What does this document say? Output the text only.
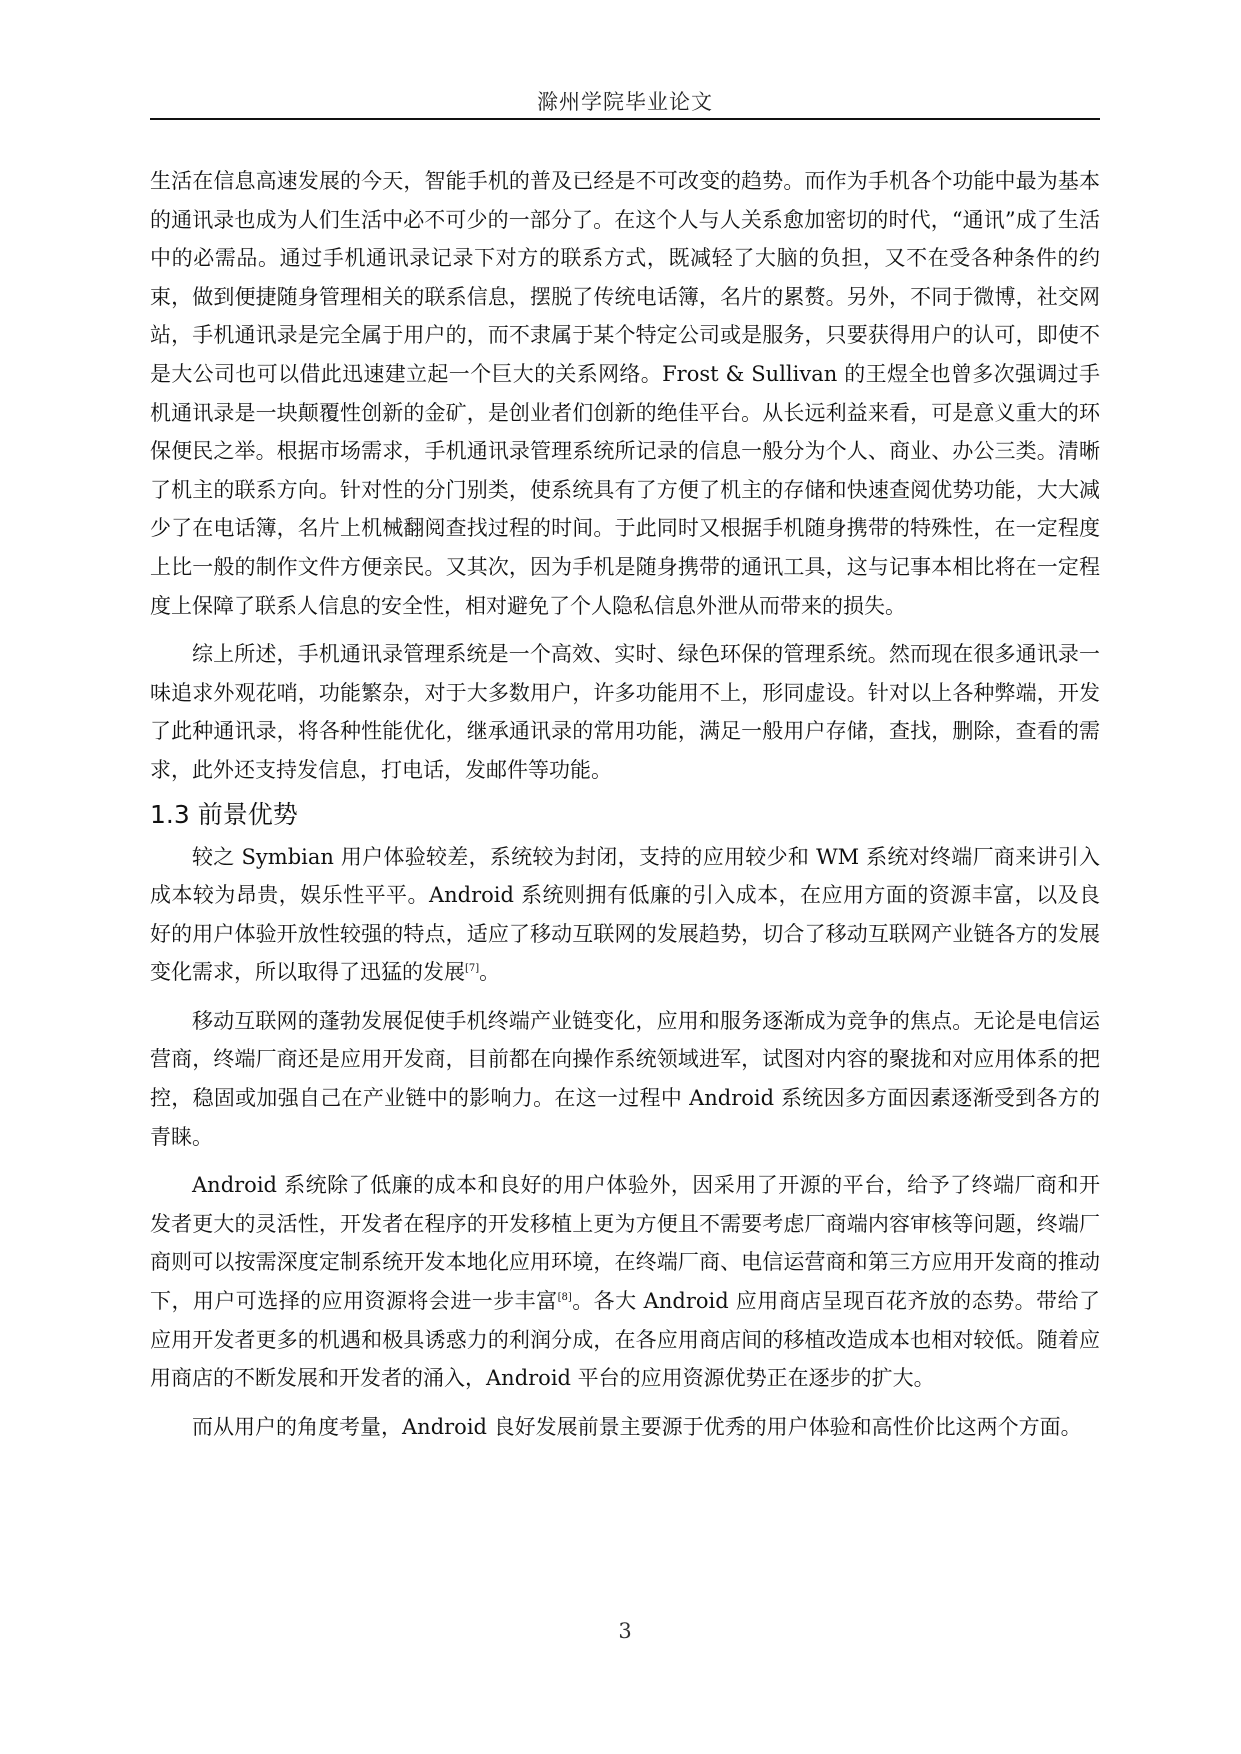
滁州学院毕业论文

生活在信息高速发展的今天，智能手机的普及已经是不可改变的趋势。而作为手机各个功能中最为基本的通讯录也成为人们生活中必不可少的一部分了。在这个人与人关系愈加密切的时代，“通讯”成了生活中的必需品。通过手机通讯录记录下对方的联系方式，既减轻了大脑的负担，又不在受各种条件的约束，做到便捷随身管理相关的联系信息，摆脱了传统电话簿，名片的累赘。另外，不同于微博，社交网站，手机通讯录是完全属于用户的，而不隶属于某个特定公司或是服务，只要获得用户的认可，即使不是大公司也可以借此迅速建立起一个巨大的关系网络。Frost & Sullivan 的王煜全也曾多次强调过手机通讯录是一块颠覆性创新的金矿，是创业者们创新的绝佳平台。从长远利益来看，可是意义重大的环保便民之举。根据市场需求，手机通讯录管理系统所记录的信息一般分为个人、商业、办公三类。清晰了机主的联系方向。针对性的分门别类，使系统具有了方便了机主的存储和快速查阅优势功能，大大减少了在电话簿，名片上机械翻阅查找过程的时间。于此同时又根据手机随身携带的特殊性，在一定程度上比一般的制作文件方便亲民。又其次，因为手机是随身携带的通讯工具，这与记事本相比将在一定程度上保障了联系人信息的安全性，相对避免了个人隐私信息外泄从而带来的损失。

综上所述，手机通讯录管理系统是一个高效、实时、绿色环保的管理系统。然而现在很多通讯录一味追求外观花哨，功能繁杂，对于大多数用户，许多功能用不上，形同虚设。针对以上各种弊端，开发了此种通讯录，将各种性能优化，继承通讯录的常用功能，满足一般用户存储，查找，删除，查看的需求，此外还支持发信息，打电话，发邮件等功能。

1.3 前景优势

较之 Symbian 用户体验较差，系统较为封闭，支持的应用较少和 WM 系统对终端厂商来讲引入成本较为昂贵，娱乐性平平。Android 系统则拥有低廉的引入成本，在应用方面的资源丰富，以及良好的用户体验开放性较强的特点，适应了移动互联网的发展趋势，切合了移动互联网产业链各方的发展变化需求，所以取得了迅猛的发展[7]。

移动互联网的蓬勃发展促使手机终端产业链变化，应用和服务逐渐成为竞争的焦点。无论是电信运营商，终端厂商还是应用开发商，目前都在向操作系统领域进军，试图对内容的聚拢和对应用体系的把控，稳固或加强自己在产业链中的影响力。在这一过程中 Android 系统因多方面因素逐渐受到各方的青睐。

Android 系统除了低廉的成本和良好的用户体验外，因采用了开源的平台，给予了终端厂商和开发者更大的灵活性，开发者在程序的开发移植上更为方便且不需要考虑厂商端内容审核等问题，终端厂商则可以按需深度定制系统开发本地化应用环境，在终端厂商、电信运营商和第三方应用开发商的推动下，用户可选择的应用资源将会进一步丰富[8]。各大 Android 应用商店呈现百花齐放的态势。带给了应用开发者更多的机遇和极具诱惑力的利润分成，在各应用商店间的移植改造成本也相对较低。随着应用商店的不断发展和开发者的涌入，Android 平台的应用资源优势正在逐步的扩大。

而从用户的角度考量，Android 良好发展前景主要源于优秀的用户体验和高性价比这两个方面。

3
